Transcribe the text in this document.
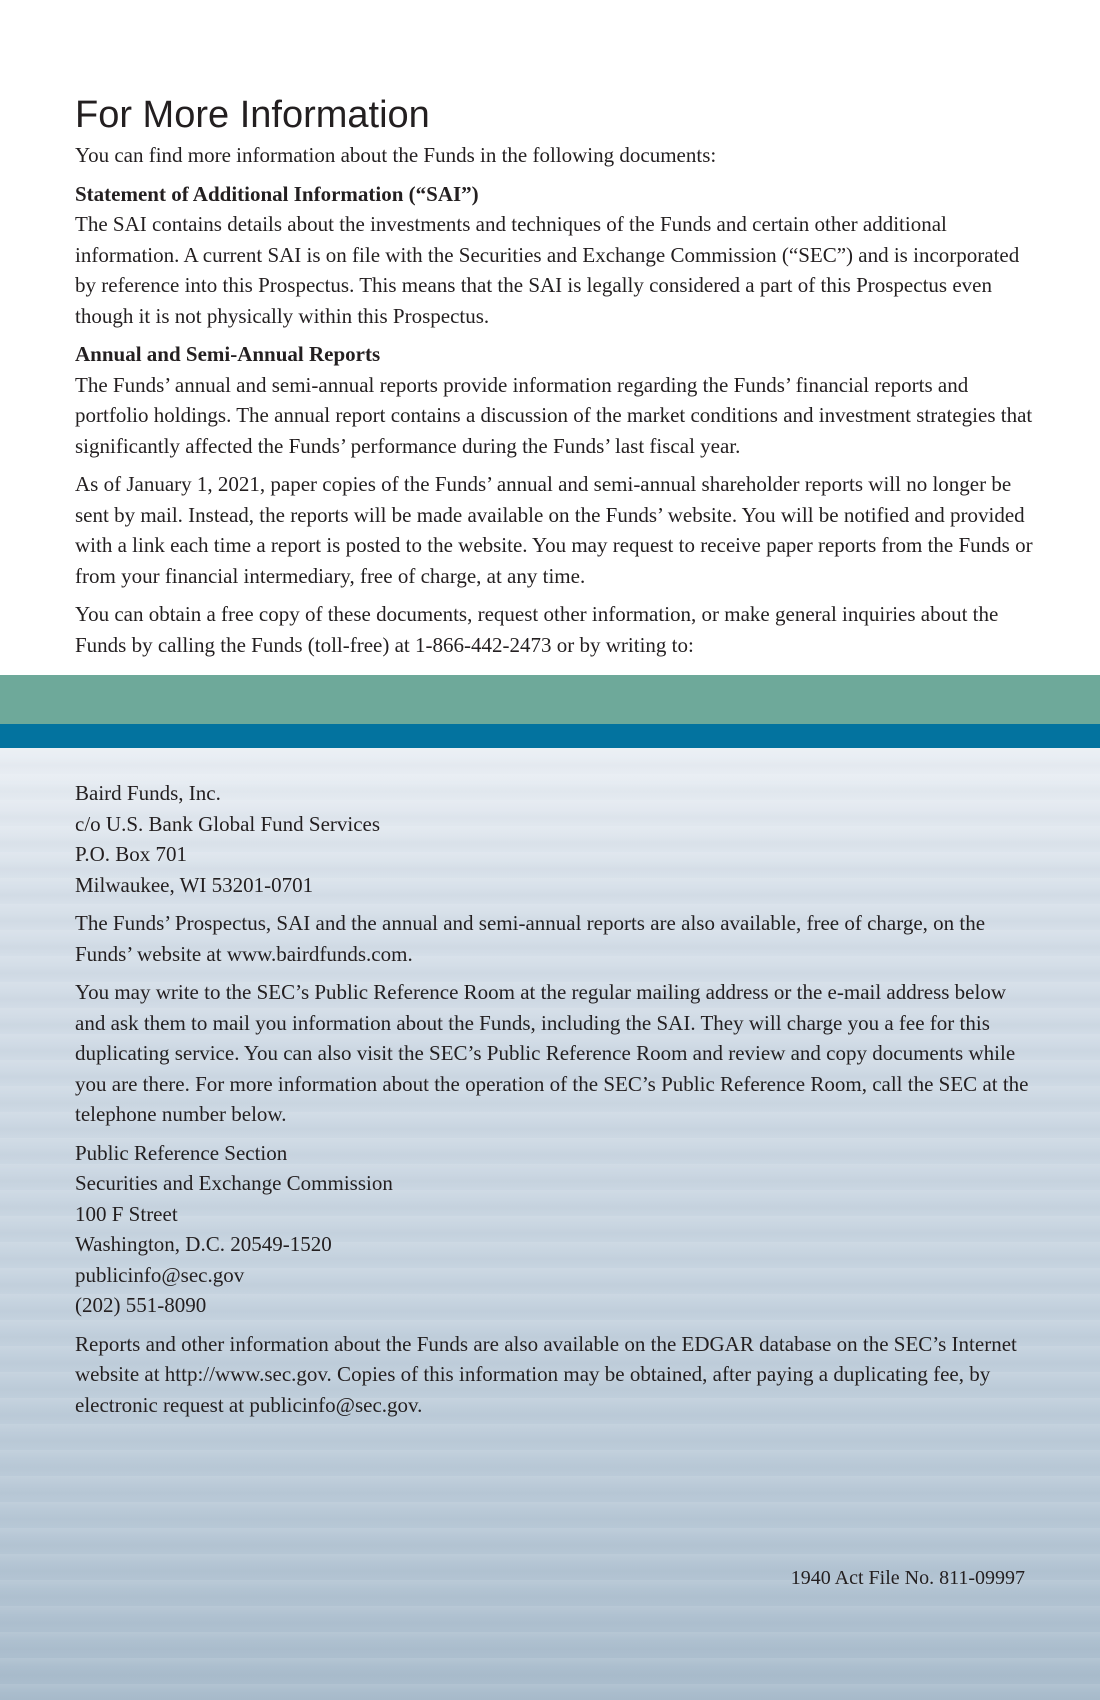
For More Information

You can find more information about the Funds in the following documents:

Statement of Additional Information (“SAI”)

The SAI contains details about the investments and techniques of the Funds and certain other additional information. A current SAI is on file with the Securities and Exchange Commission (“SEC”) and is incorporated by reference into this Prospectus. This means that the SAI is legally considered a part of this Prospectus even though it is not physically within this Prospectus.

Annual and Semi-Annual Reports

The Funds’ annual and semi-annual reports provide information regarding the Funds’ financial reports and portfolio holdings. The annual report contains a discussion of the market conditions and investment strategies that significantly affected the Funds’ performance during the Funds’ last fiscal year.

As of January 1, 2021, paper copies of the Funds’ annual and semi-annual shareholder reports will no longer be sent by mail. Instead, the reports will be made available on the Funds’ website. You will be notified and provided with a link each time a report is posted to the website. You may request to receive paper reports from the Funds or from your financial intermediary, free of charge, at any time.

You can obtain a free copy of these documents, request other information, or make general inquiries about the Funds by calling the Funds (toll-free) at 1-866-442-2473 or by writing to:

Baird Funds, Inc.

c/o U.S. Bank Global Fund Services

P.O. Box 701

Milwaukee, WI 53201-0701

The Funds’ Prospectus, SAI and the annual and semi-annual reports are also available, free of charge, on the Funds’ website at www.bairdfunds.com.

You may write to the SEC’s Public Reference Room at the regular mailing address or the e-mail address below and ask them to mail you information about the Funds, including the SAI. They will charge you a fee for this duplicating service. You can also visit the SEC’s Public Reference Room and review and copy documents while you are there. For more information about the operation of the SEC’s Public Reference Room, call the SEC at the telephone number below.

Public Reference Section

Securities and Exchange Commission

100 F Street

Washington, D.C. 20549-1520

publicinfo@sec.gov

(202) 551-8090

Reports and other information about the Funds are also available on the EDGAR database on the SEC’s Internet website at http://www.sec.gov. Copies of this information may be obtained, after paying a duplicating fee, by electronic request at publicinfo@sec.gov.

1940 Act File No. 811-09997
